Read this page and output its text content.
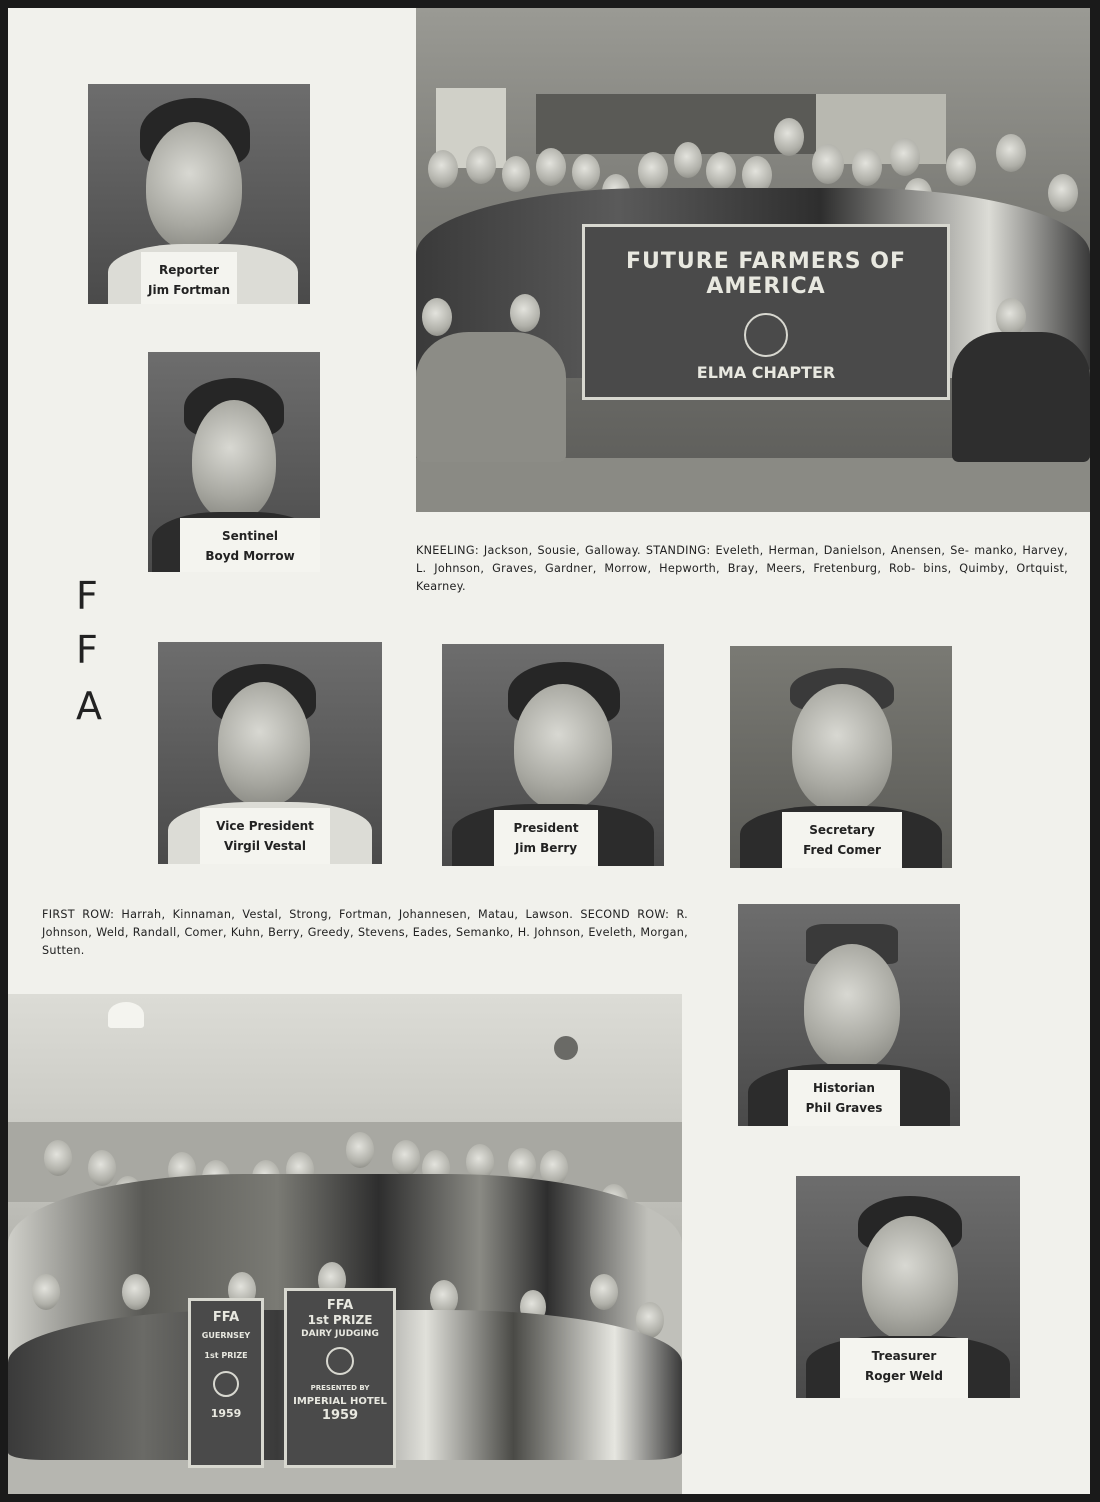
Reporter
Jim Fortman
Sentinel
Boyd Morrow
F
F
A
FUTURE FARMERS OF AMERICA
ELMA CHAPTER
KNEELING: Jackson, Sousie, Galloway. STANDING: Eveleth, Herman, Danielson, Anensen, Se- manko, Harvey, L. Johnson, Graves, Gardner, Morrow, Hepworth, Bray, Meers, Fretenburg, Rob- bins, Quimby, Ortquist, Kearney.
Vice President
Virgil Vestal
President
Jim Berry
Secretary
Fred Comer
FIRST ROW: Harrah, Kinnaman, Vestal, Strong, Fortman, Johannesen, Matau, Lawson. SECOND ROW: R. Johnson, Weld, Randall, Comer, Kuhn, Berry, Greedy, Stevens, Eades, Semanko, H. Johnson, Eveleth, Morgan, Sutten.
Historian
Phil Graves
Treasurer
Roger Weld
FFA
GUERNSEY
1st PRIZE
1959
FFA
1st PRIZE
DAIRY JUDGING
PRESENTED BY
IMPERIAL HOTEL
1959
